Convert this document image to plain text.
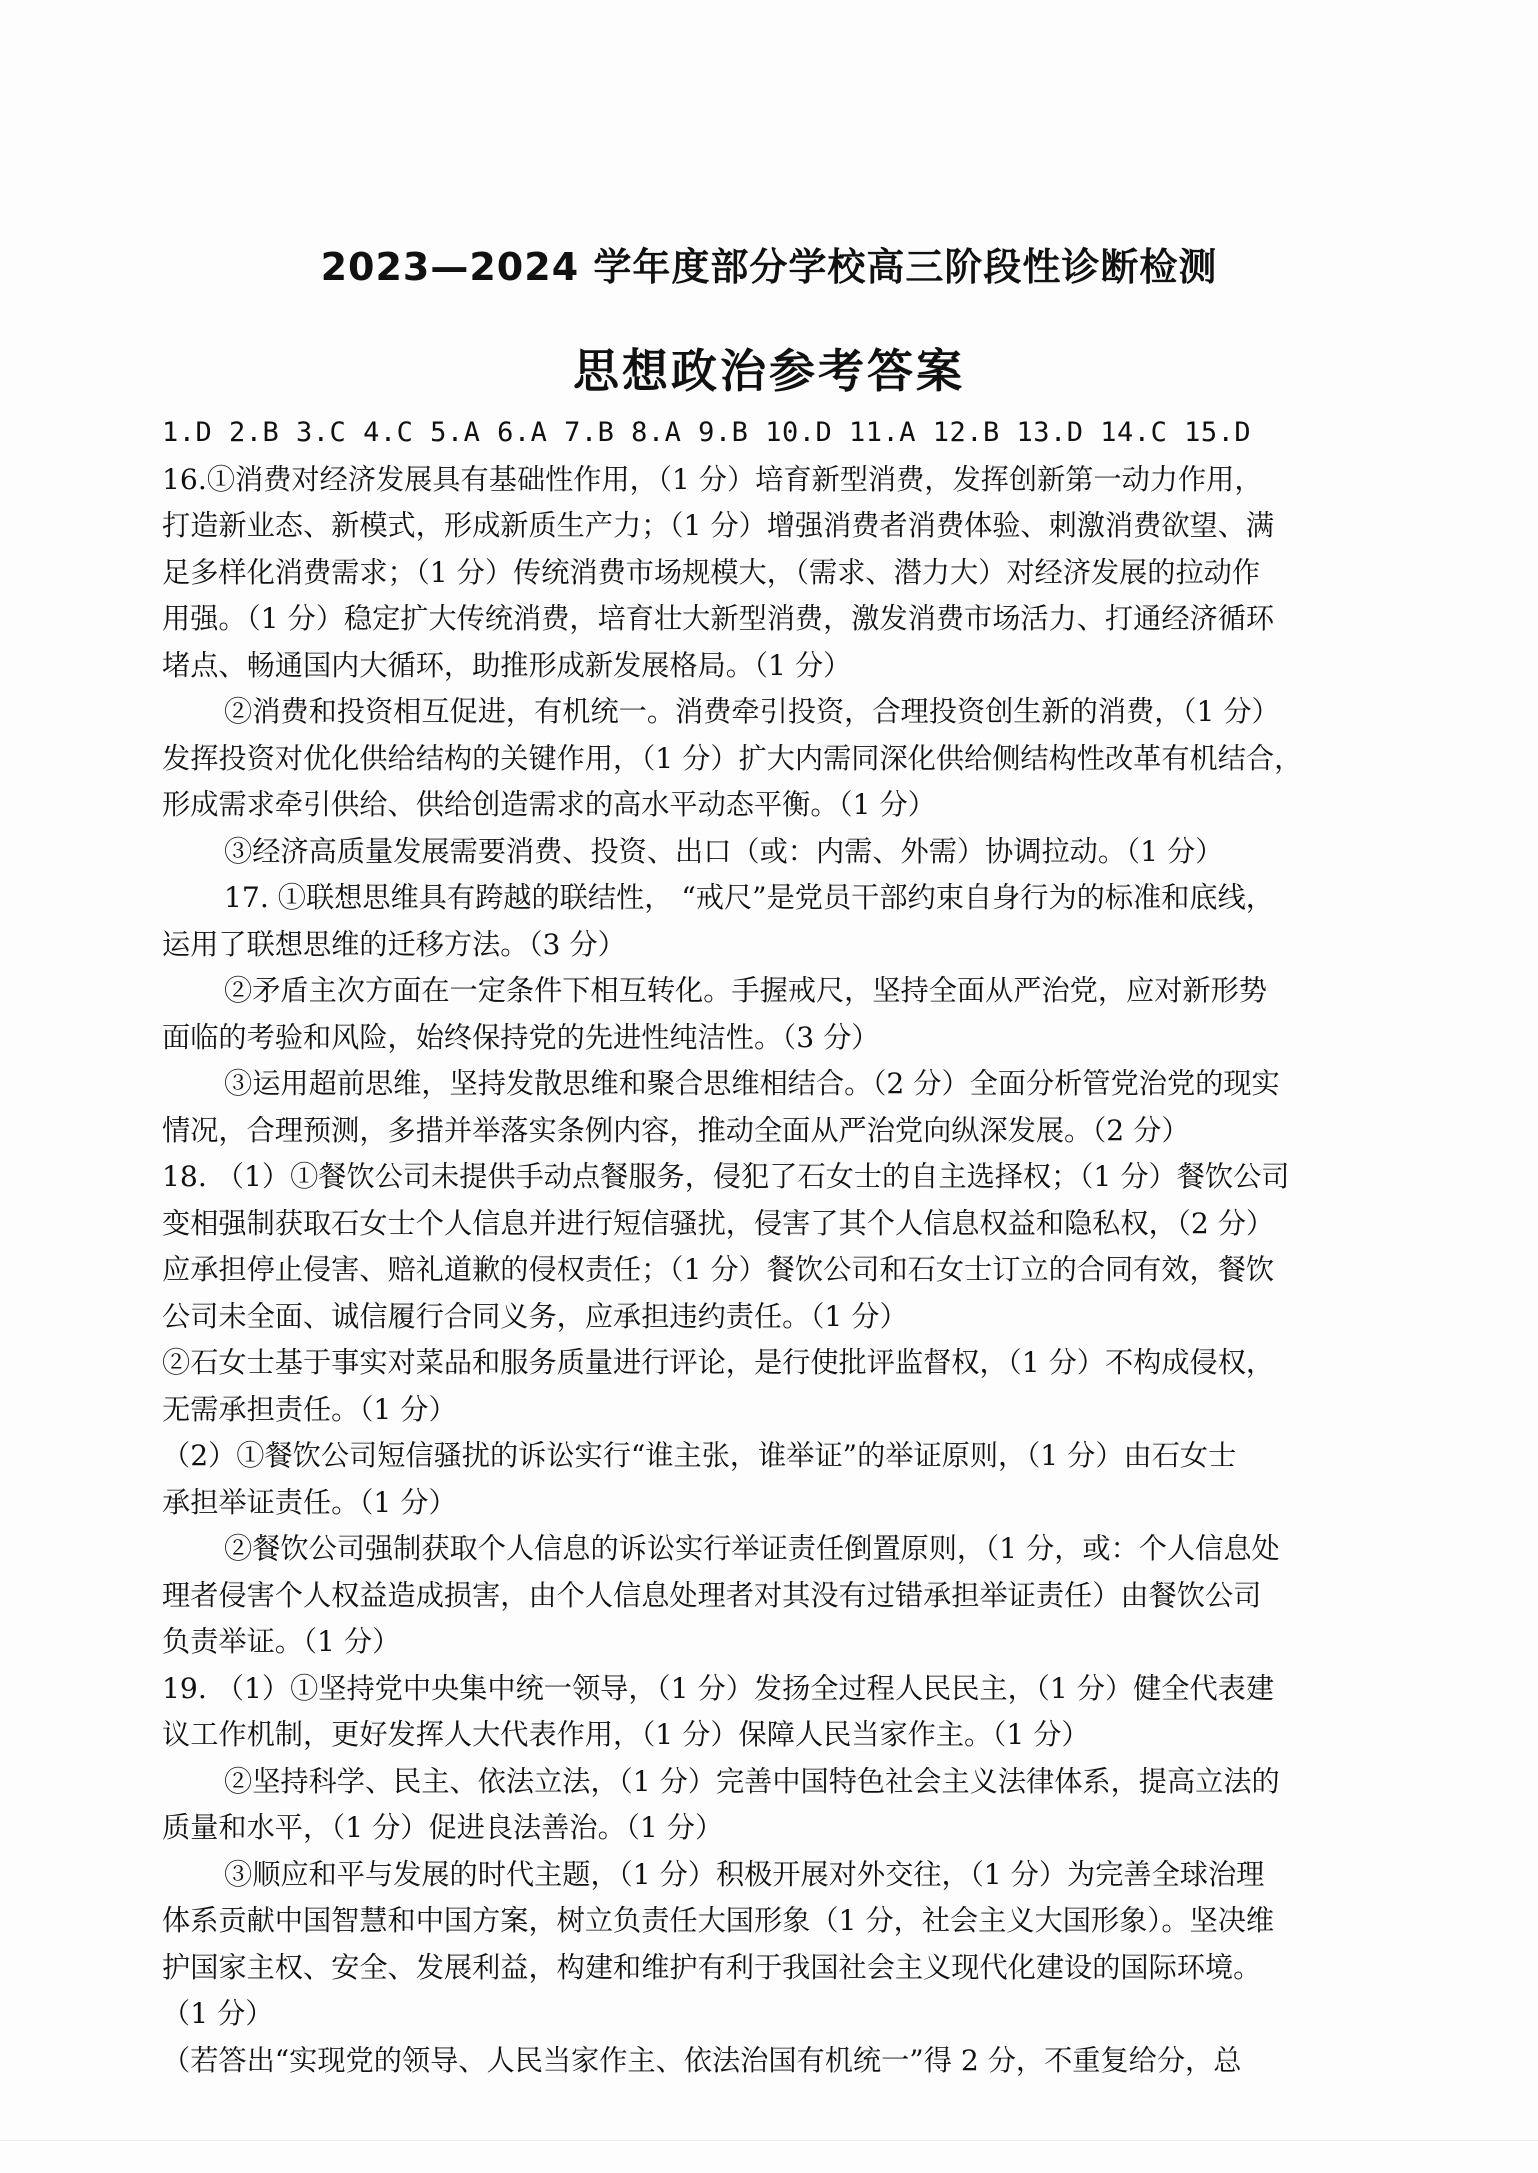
2023—2024 学年度部分学校高三阶段性诊断检测
思想政治参考答案
1.D 2.B 3.C 4.C 5.A 6.A 7.B 8.A 9.B 10.D 11.A 12.B 13.D 14.C 15.D
16.①消费对经济发展具有基础性作用，（1 分）培育新型消费，发挥创新第一动力作用，
打造新业态、新模式，形成新质生产力；（1 分）增强消费者消费体验、刺激消费欲望、满
足多样化消费需求；（1 分）传统消费市场规模大，（需求、潜力大）对经济发展的拉动作
用强。（1 分）稳定扩大传统消费，培育壮大新型消费，激发消费市场活力、打通经济循环
堵点、畅通国内大循环，助推形成新发展格局。（1 分）
②消费和投资相互促进，有机统一。消费牵引投资，合理投资创生新的消费，（1 分）
发挥投资对优化供给结构的关键作用，（1 分）扩大内需同深化供给侧结构性改革有机结合，
形成需求牵引供给、供给创造需求的高水平动态平衡。（1 分）
③经济高质量发展需要消费、投资、出口（或：内需、外需）协调拉动。（1 分）
17. ①联想思维具有跨越的联结性， “戒尺”是党员干部约束自身行为的标准和底线，
运用了联想思维的迁移方法。（3 分）
②矛盾主次方面在一定条件下相互转化。手握戒尺，坚持全面从严治党，应对新形势
面临的考验和风险，始终保持党的先进性纯洁性。（3 分）
③运用超前思维，坚持发散思维和聚合思维相结合。（2 分）全面分析管党治党的现实
情况，合理预测，多措并举落实条例内容，推动全面从严治党向纵深发展。（2 分）
18. （1）①餐饮公司未提供手动点餐服务，侵犯了石女士的自主选择权；（1 分）餐饮公司
变相强制获取石女士个人信息并进行短信骚扰，侵害了其个人信息权益和隐私权，（2 分）
应承担停止侵害、赔礼道歉的侵权责任；（1 分）餐饮公司和石女士订立的合同有效，餐饮
公司未全面、诚信履行合同义务，应承担违约责任。（1 分）
②石女士基于事实对菜品和服务质量进行评论，是行使批评监督权，（1 分）不构成侵权，
无需承担责任。（1 分）
（2）①餐饮公司短信骚扰的诉讼实行“谁主张，谁举证”的举证原则，（1 分）由石女士
承担举证责任。（1 分）
②餐饮公司强制获取个人信息的诉讼实行举证责任倒置原则，（1 分，或：个人信息处
理者侵害个人权益造成损害，由个人信息处理者对其没有过错承担举证责任）由餐饮公司
负责举证。（1 分）
19. （1）①坚持党中央集中统一领导，（1 分）发扬全过程人民民主，（1 分）健全代表建
议工作机制，更好发挥人大代表作用，（1 分）保障人民当家作主。（1 分）
②坚持科学、民主、依法立法，（1 分）完善中国特色社会主义法律体系，提高立法的
质量和水平，（1 分）促进良法善治。（1 分）
③顺应和平与发展的时代主题，（1 分）积极开展对外交往，（1 分）为完善全球治理
体系贡献中国智慧和中国方案，树立负责任大国形象（1 分，社会主义大国形象）。坚决维
护国家主权、安全、发展利益，构建和维护有利于我国社会主义现代化建设的国际环境。
（1 分）
（若答出“实现党的领导、人民当家作主、依法治国有机统一”得 2 分，不重复给分，总
